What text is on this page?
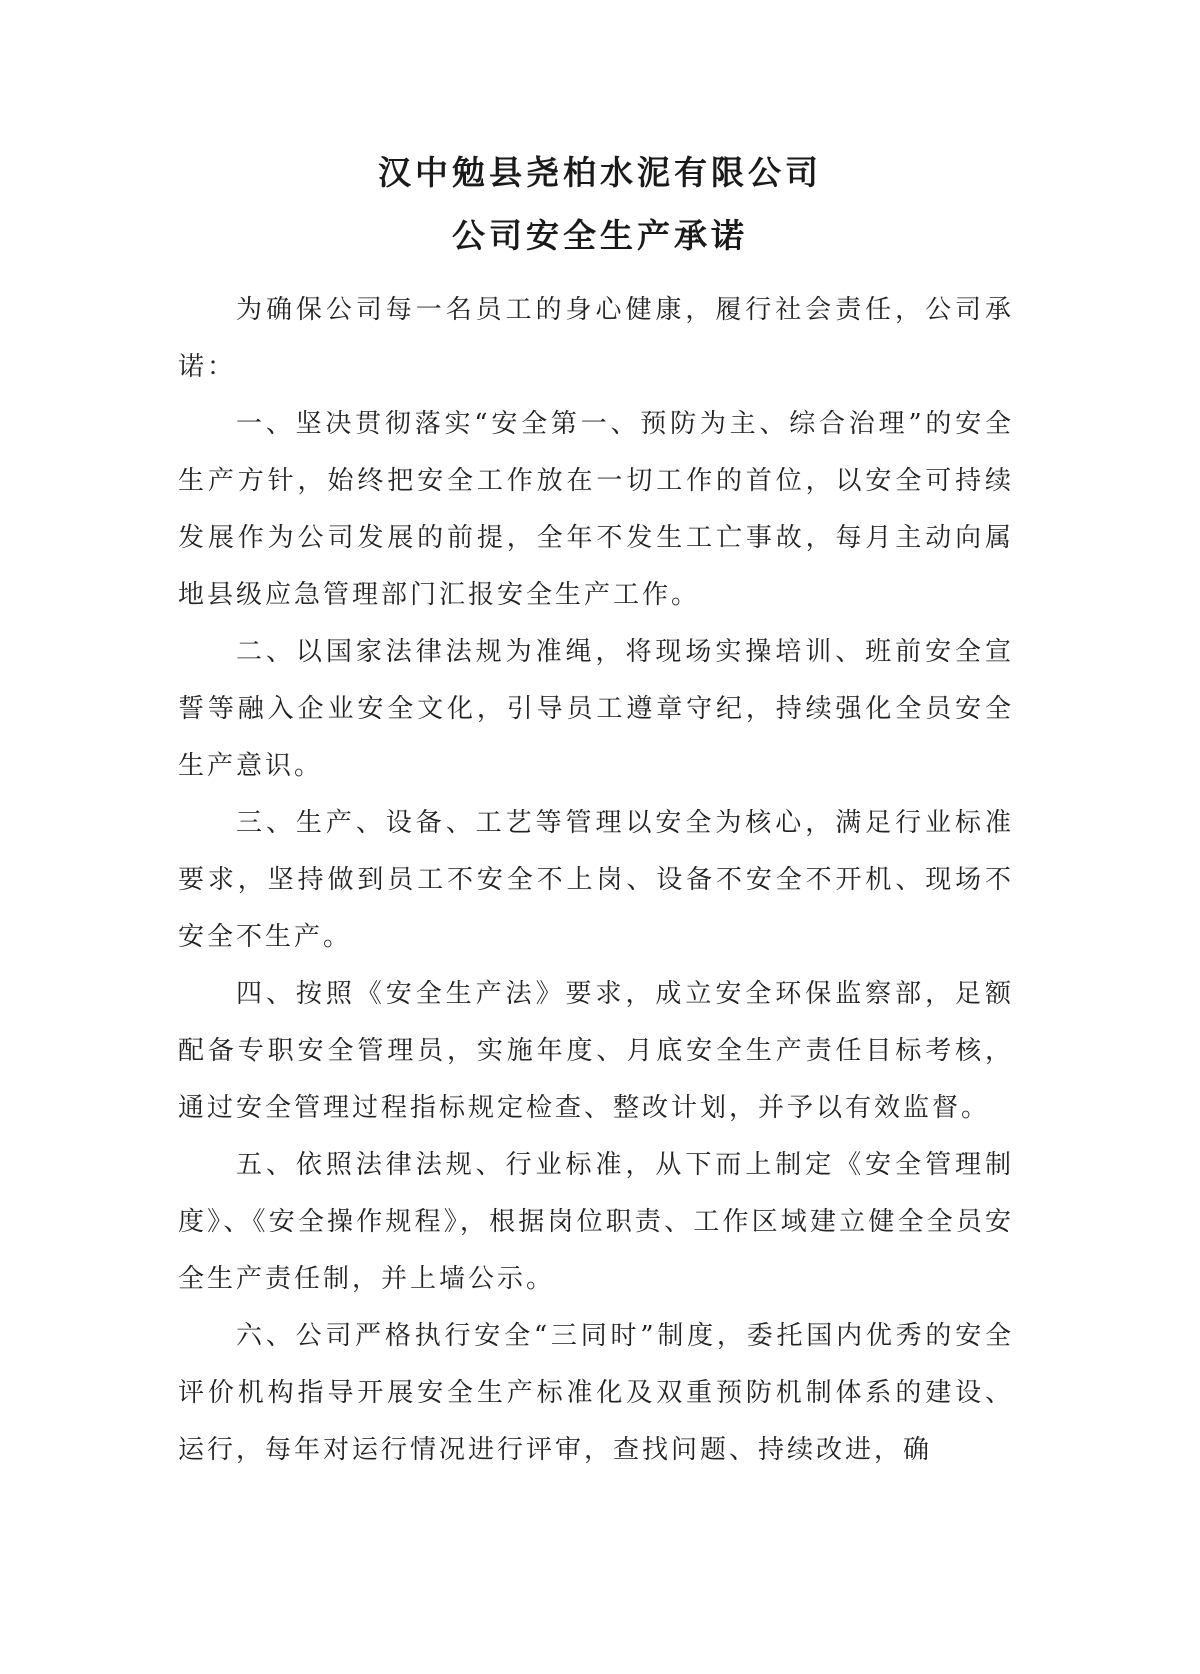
汉中勉县尧柏水泥有限公司
公司安全生产承诺

为确保公司每一名员工的身心健康，履行社会责任，公司承诺：

一、坚决贯彻落实“安全第一、预防为主、综合治理”的安全生产方针，始终把安全工作放在一切工作的首位，以安全可持续发展作为公司发展的前提，全年不发生工亡事故，每月主动向属地县级应急管理部门汇报安全生产工作。

二、以国家法律法规为准绳，将现场实操培训、班前安全宣誓等融入企业安全文化，引导员工遵章守纪，持续强化全员安全生产意识。

三、生产、设备、工艺等管理以安全为核心，满足行业标准要求，坚持做到员工不安全不上岗、设备不安全不开机、现场不安全不生产。

四、按照《安全生产法》要求，成立安全环保监察部，足额配备专职安全管理员，实施年度、月底安全生产责任目标考核，通过安全管理过程指标规定检查、整改计划，并予以有效监督。

五、依照法律法规、行业标准，从下而上制定《安全管理制度》、《安全操作规程》，根据岗位职责、工作区域建立健全全员安全生产责任制，并上墙公示。

六、公司严格执行安全“三同时”制度，委托国内优秀的安全评价机构指导开展安全生产标准化及双重预防机制体系的建设、运行，每年对运行情况进行评审，查找问题、持续改进，确
